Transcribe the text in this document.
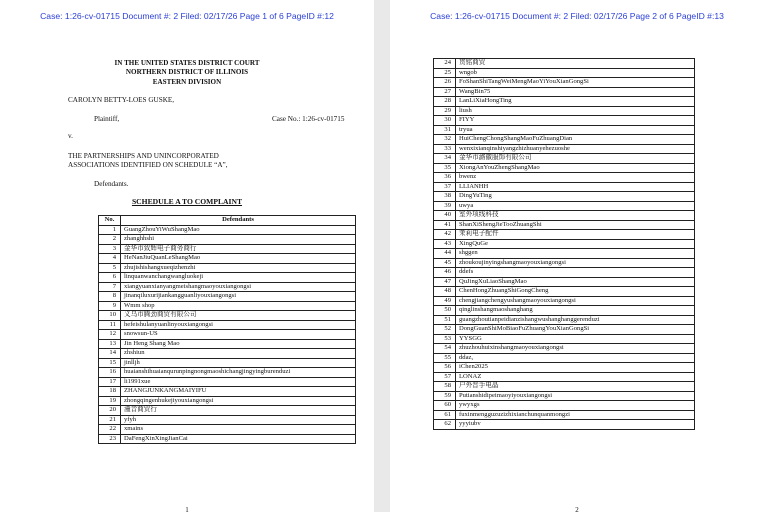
Case: 1:26-cv-01715 Document #: 2 Filed: 02/17/26 Page 1 of 6 PageID #:12
IN THE UNITED STATES DISTRICT COURT
NORTHERN DISTRICT OF ILLINOIS
EASTERN DIVISION
CAROLYN BETTY-LOES GUSKE,
Plaintiff,	Case No.: 1:26-cv-01715
v.
THE PARTNERSHIPS AND UNINCORPORATED
ASSOCIATIONS IDENTIFIED ON SCHEDULE “A”,
Defendants.
SCHEDULE A TO COMPLAINT
No.	Defendants
1	GuangZhouYiWuShangMao
2	zhanghhshi
3	金华市致辉电子商务商行
4	HeNanJiuQuanLeShangMao
5	zhujishishangxueqizhenzhi
6	linquanwanchangwangluokeji
7	xiangyuanxianyangmeishangmaoyouxiangongsi
8	jinanqiluxurijiankangguanliyouxiangongsi
9	Wmm shop
10	义乌市腾劲商贸有限公司
11	hefeishulanyuanlinyouxiangongsi
12	snowsun-US
13	Jin Heng Shang Mao
14	zhshiun
15	jinlljh
16	huaianshihuaianqurunpingnongmaoshichangjingyingburenduzi
17	li1991xue
18	ZHANGJUNKANGMAIYIFU
19	zhongqingenhukejiyouxiangongsi
20	潼音商贸行
21	yfyh
22	xmains
23	DaFengXinXingJianCai
1
Case: 1:26-cv-01715 Document #: 2 Filed: 02/17/26 Page 2 of 6 PageID #:13
24	贯铭商贸
25	wngob
26	FoShanShiTangWeiMengMaoYiYouXianGongSi
27	WangBin75
28	LanLiXiaHongTing
29	liush
30	FIYY
31	tryua
32	HuiChengChongShangMaoFuZhuangDian
33	wenxixianqinshiyangzhizhuanyehezuoshe
34	金华市潞徽服饰有限公司
35	XiongAnYouZhengShangMao
36	bwenz
37	LLIANHH
38	DingYuTing
39	uwya
40	室外项线科技
41	ShanXiShengJieTooZhuangShi
42	茉莉电子配件
43	XingQuGe
44	shggen
45	zhoukoujinyingshangmaoyouxiangongsi
46	ddefs
47	QuJingXuLiaoShangMao
48	ChenHongZhuangShiGongCheng
49	chengjiangchengyushangmaoyouxiangongsi
50	qinglinshangmaoshanghang
51	guangzhoutianpeidianzishangwushanghanggerenduzi
52	DongGuanShiMoBiaoFuZhuangYouXianGongSi
53	YYSGG
54	zhuzhouhuixinshangmaoyouxiangongsi
55	ddaz,
56	iChen2025
57	LONAZ
58	户外晋手电晶
59	Putianshidipeimaoyiyouxiangongsi
60	ywyxgs
61	fuxinmengguzuzizhixianchunquanmongzi
62	yyyiubv
2
